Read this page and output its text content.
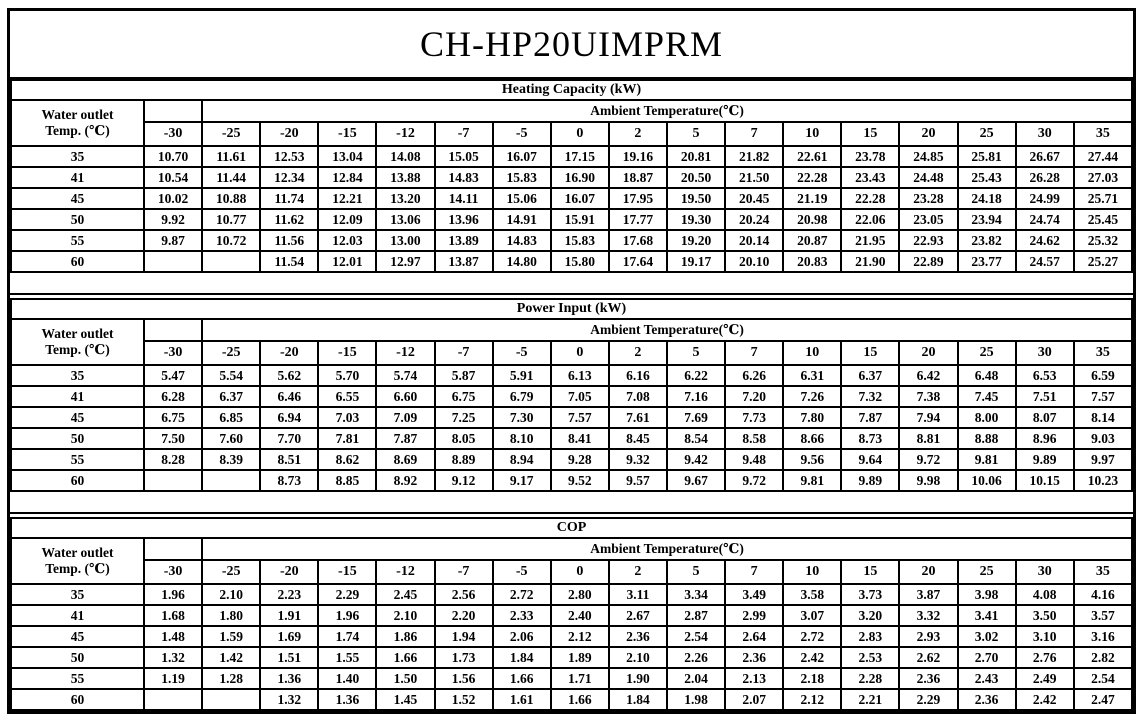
CH-HP20UIMPRM
Heating Capacity (kW)																	

Water outlet
Temp. (℃)		Ambient Temperature(℃)															
	-30	-25	-20	-15	-12	-7	-5	0	2	5	7	10	15	20	25	30	35
35	10.70	11.61	12.53	13.04	14.08	15.05	16.07	17.15	19.16	20.81	21.82	22.61	23.78	24.85	25.81	26.67	27.44
41	10.54	11.44	12.34	12.84	13.88	14.83	15.83	16.90	18.87	20.50	21.50	22.28	23.43	24.48	25.43	26.28	27.03
45	10.02	10.88	11.74	12.21	13.20	14.11	15.06	16.07	17.95	19.50	20.45	21.19	22.28	23.28	24.18	24.99	25.71
50	9.92	10.77	11.62	12.09	13.06	13.96	14.91	15.91	17.77	19.30	20.24	20.98	22.06	23.05	23.94	24.74	25.45
55	9.87	10.72	11.56	12.03	13.00	13.89	14.83	15.83	17.68	19.20	20.14	20.87	21.95	22.93	23.82	24.62	25.32
60			11.54	12.01	12.97	13.87	14.80	15.80	17.64	19.17	20.10	20.83	21.90	22.89	23.77	24.57	25.27
Power Input (kW)																	

Water outlet
Temp. (℃)		Ambient Temperature(℃)															
	-30	-25	-20	-15	-12	-7	-5	0	2	5	7	10	15	20	25	30	35
35	5.47	5.54	5.62	5.70	5.74	5.87	5.91	6.13	6.16	6.22	6.26	6.31	6.37	6.42	6.48	6.53	6.59
41	6.28	6.37	6.46	6.55	6.60	6.75	6.79	7.05	7.08	7.16	7.20	7.26	7.32	7.38	7.45	7.51	7.57
45	6.75	6.85	6.94	7.03	7.09	7.25	7.30	7.57	7.61	7.69	7.73	7.80	7.87	7.94	8.00	8.07	8.14
50	7.50	7.60	7.70	7.81	7.87	8.05	8.10	8.41	8.45	8.54	8.58	8.66	8.73	8.81	8.88	8.96	9.03
55	8.28	8.39	8.51	8.62	8.69	8.89	8.94	9.28	9.32	9.42	9.48	9.56	9.64	9.72	9.81	9.89	9.97
60			8.73	8.85	8.92	9.12	9.17	9.52	9.57	9.67	9.72	9.81	9.89	9.98	10.06	10.15	10.23
COP																	

Water outlet
Temp. (℃)		Ambient Temperature(℃)															
	-30	-25	-20	-15	-12	-7	-5	0	2	5	7	10	15	20	25	30	35
35	1.96	2.10	2.23	2.29	2.45	2.56	2.72	2.80	3.11	3.34	3.49	3.58	3.73	3.87	3.98	4.08	4.16
41	1.68	1.80	1.91	1.96	2.10	2.20	2.33	2.40	2.67	2.87	2.99	3.07	3.20	3.32	3.41	3.50	3.57
45	1.48	1.59	1.69	1.74	1.86	1.94	2.06	2.12	2.36	2.54	2.64	2.72	2.83	2.93	3.02	3.10	3.16
50	1.32	1.42	1.51	1.55	1.66	1.73	1.84	1.89	2.10	2.26	2.36	2.42	2.53	2.62	2.70	2.76	2.82
55	1.19	1.28	1.36	1.40	1.50	1.56	1.66	1.71	1.90	2.04	2.13	2.18	2.28	2.36	2.43	2.49	2.54
60			1.32	1.36	1.45	1.52	1.61	1.66	1.84	1.98	2.07	2.12	2.21	2.29	2.36	2.42	2.47
